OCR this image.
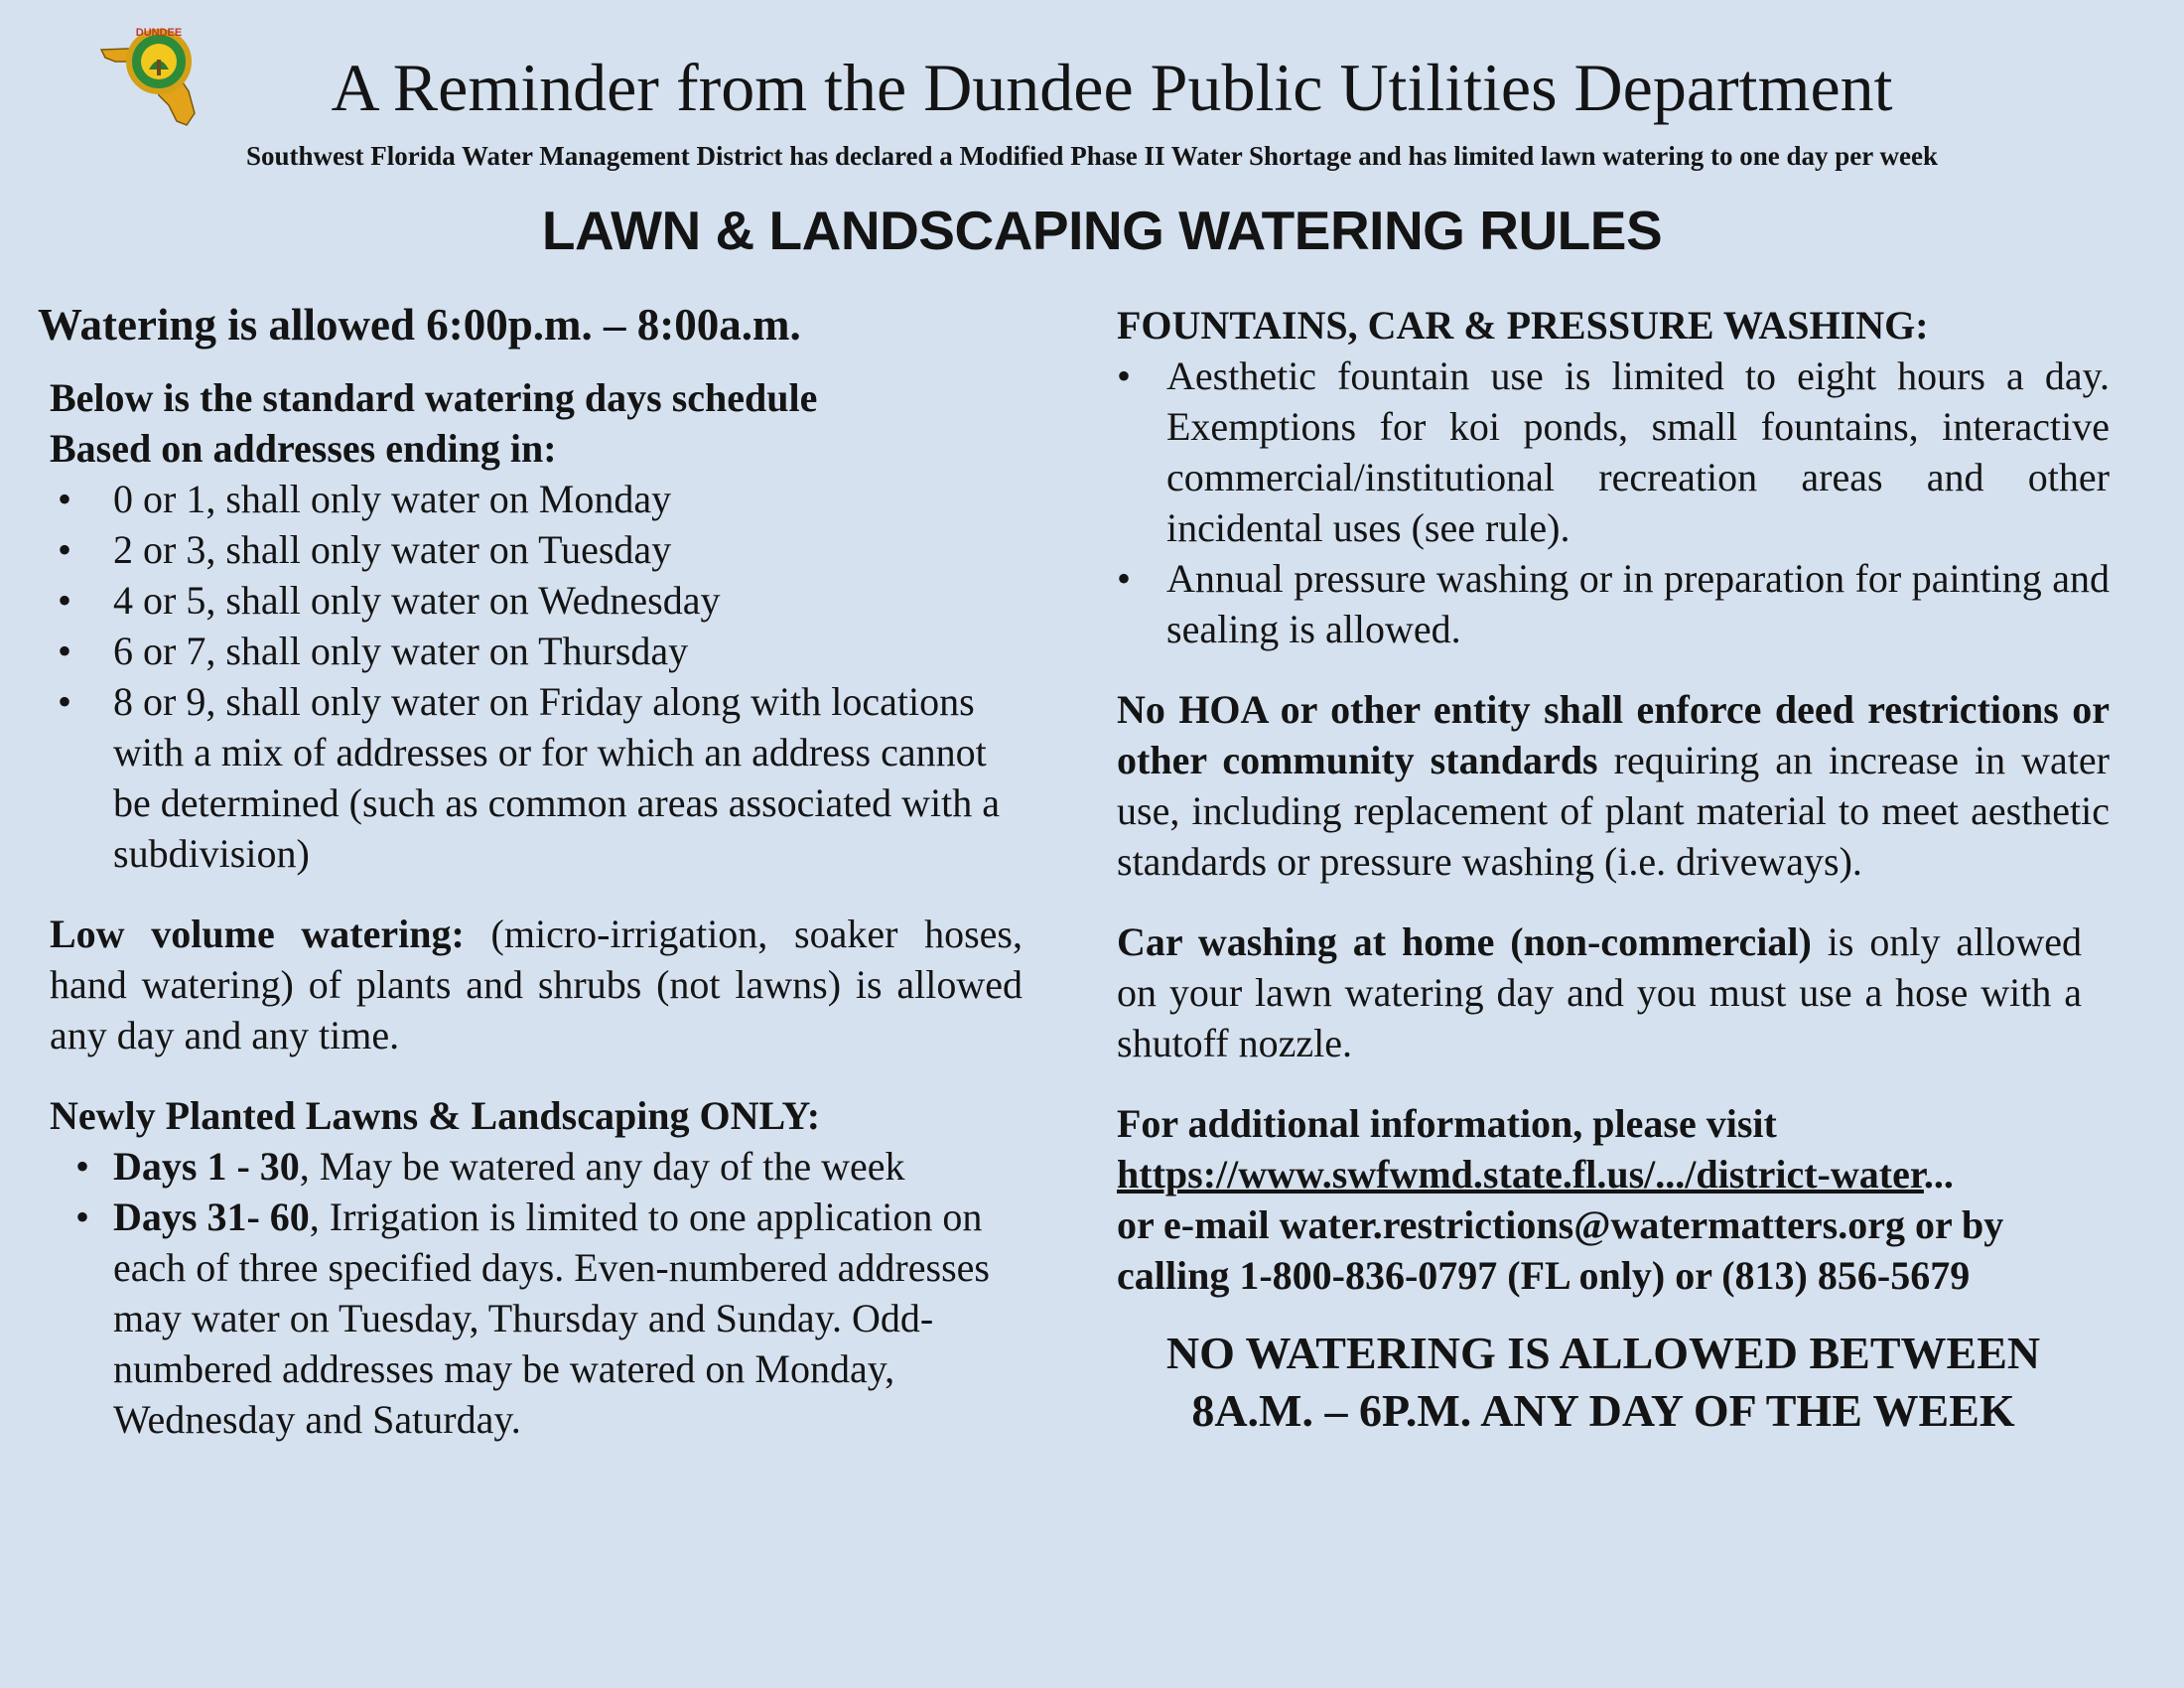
DUNDEE
A Reminder from the Dundee Public Utilities Department
Southwest Florida Water Management District has declared a Modified Phase II Water Shortage and has limited lawn watering to one day per week
LAWN & LANDSCAPING WATERING RULES

Watering is allowed 6:00p.m. – 8:00a.m.

Below is the standard watering days schedule

Based on addresses ending in:

• 0 or 1, shall only water on Monday
• 2 or 3, shall only water on Tuesday
• 4 or 5, shall only water on Wednesday
• 6 or 7, shall only water on Thursday
• 8 or 9, shall only water on Friday along with locations with a mix of addresses or for which an address cannot be determined (such as common areas associated with a subdivision)

Low volume watering: (micro-irrigation, soaker hoses, hand watering) of plants and shrubs (not lawns) is allowed any day and any time.

Newly Planted Lawns & Landscaping ONLY:

• Days 1 - 30, May be watered any day of the week
• Days 31- 60, Irrigation is limited to one application on each of three specified days. Even-numbered addresses may water on Tuesday, Thursday and Sunday. Odd-numbered addresses may be watered on Monday, Wednesday and Saturday.

FOUNTAINS, CAR & PRESSURE WASHING:

• Aesthetic fountain use is limited to eight hours a day. Exemptions for koi ponds, small fountains, interactive commercial/institutional recreation areas and other incidental uses (see rule).
• Annual pressure washing or in preparation for painting and sealing is allowed.

No HOA or other entity shall enforce deed restrictions or other community standards requiring an increase in water use, including replacement of plant material to meet aesthetic standards or pressure washing (i.e. driveways).

Car washing at home (non-commercial) is only allowed on your lawn watering day and you must use a hose with a shutoff nozzle.

For additional information, please visit

https://www.swfwmd.state.fl.us/.../district-water...

or e-mail water.restrictions@watermatters.org or by calling 1-800-836-0797 (FL only) or (813) 856-5679

NO WATERING IS ALLOWED BETWEEN
8A.M. – 6P.M. ANY DAY OF THE WEEK
